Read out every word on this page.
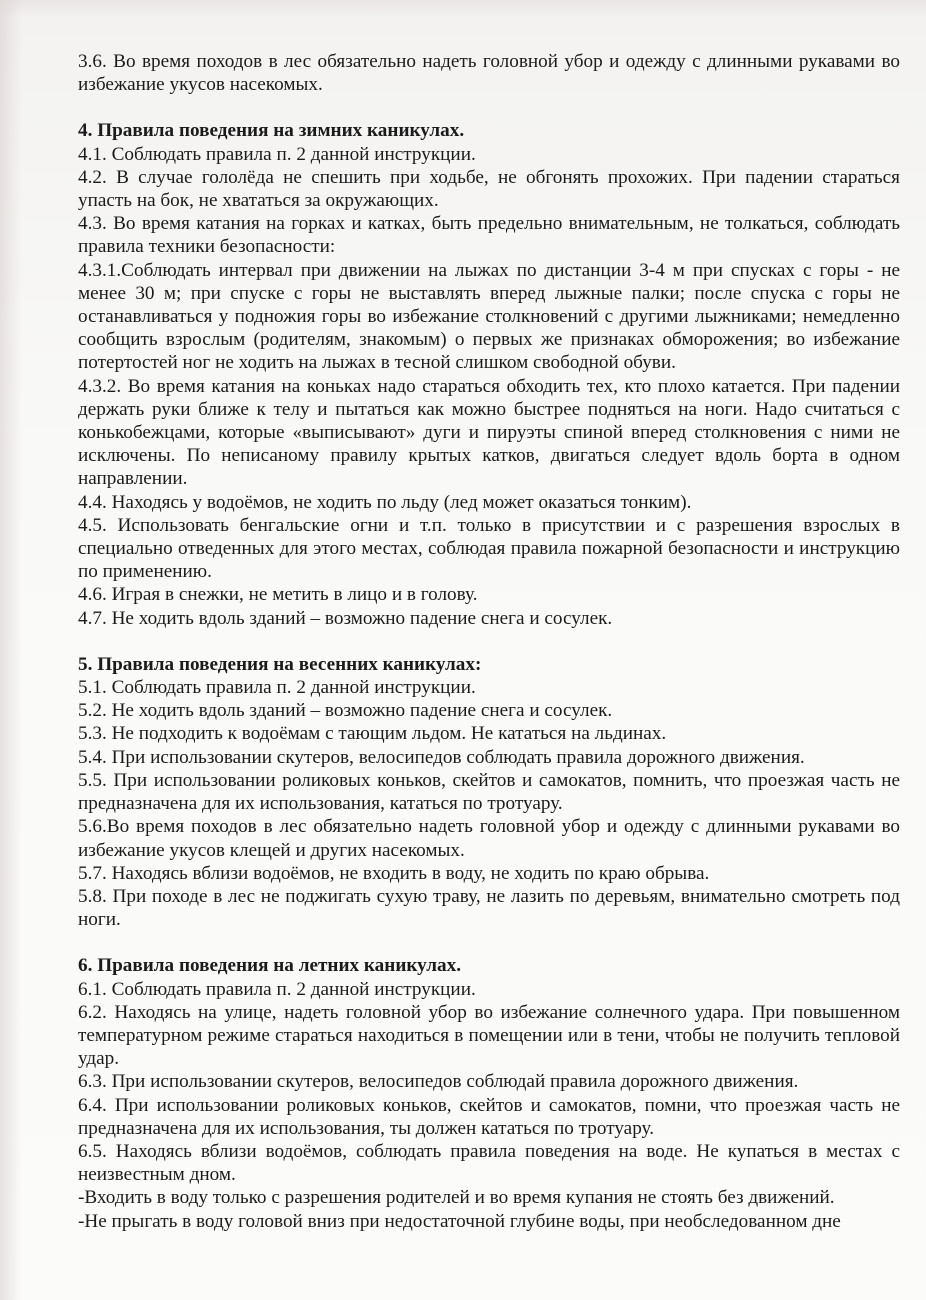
3.6. Во время походов в лес обязательно надеть головной убор и одежду с длинными рукавами во избежание укусов насекомых.

4. Правила поведения на зимних каникулах.

4.1. Соблюдать правила п. 2 данной инструкции.

4.2. В случае гололёда не спешить при ходьбе, не обгонять прохожих. При падении стараться упасть на бок, не хвататься за окружающих.

4.3. Во время катания на горках и катках, быть предельно внимательным, не толкаться, соблюдать правила техники безопасности:

4.3.1.Соблюдать интервал при движении на лыжах по дистанции 3-4 м при спусках с горы - не менее 30 м; при спуске с горы не выставлять вперед лыжные палки; после спуска с горы не останавливаться у подножия горы во избежание столкновений с другими лыжниками; немедленно сообщить взрослым (родителям, знакомым) о первых же признаках обморожения; во избежание потертостей ног не ходить на лыжах в тесной слишком свободной обуви.

4.3.2. Во время катания на коньках надо стараться обходить тех, кто плохо катается. При падении держать руки ближе к телу и пытаться как можно быстрее подняться на ноги. Надо считаться с конькобежцами, которые «выписывают» дуги и пируэты спиной вперед столкновения с ними не исключены. По неписаному правилу крытых катков, двигаться следует вдоль борта в одном направлении.

4.4. Находясь у водоёмов, не ходить по льду (лед может оказаться тонким).

4.5. Использовать бенгальские огни и т.п. только в присутствии и с разрешения взрослых в специально отведенных для этого местах, соблюдая правила пожарной безопасности и инструкцию по применению.

4.6. Играя в снежки, не метить в лицо и в голову.

4.7. Не ходить вдоль зданий – возможно падение снега и сосулек.

5. Правила поведения на весенних каникулах:

5.1. Соблюдать правила п. 2 данной инструкции.

5.2. Не ходить вдоль зданий – возможно падение снега и сосулек.

5.3. Не подходить к водоёмам с тающим льдом. Не кататься на льдинах.

5.4. При использовании скутеров, велосипедов соблюдать правила дорожного движения.

5.5. При использовании роликовых коньков, скейтов и самокатов, помнить, что проезжая часть не предназначена для их использования, кататься по тротуару.

5.6.Во время походов в лес обязательно надеть головной убор и одежду с длинными рукавами во избежание укусов клещей и других насекомых.

5.7. Находясь вблизи водоёмов, не входить в воду, не ходить по краю обрыва.

5.8. При походе в лес не поджигать сухую траву, не лазить по деревьям, внимательно смотреть под ноги.

6. Правила поведения на летних каникулах.

6.1. Соблюдать правила п. 2 данной инструкции.

6.2. Находясь на улице, надеть головной убор во избежание солнечного удара. При повышенном температурном режиме стараться находиться в помещении или в тени, чтобы не получить тепловой удар.

6.3. При использовании скутеров, велосипедов соблюдай правила дорожного движения.

6.4. При использовании роликовых коньков, скейтов и самокатов, помни, что проезжая часть не предназначена для их использования, ты должен кататься по тротуару.

6.5. Находясь вблизи водоёмов, соблюдать правила поведения на воде. Не купаться в местах с неизвестным дном.

-Входить в воду только с разрешения родителей и во время купания не стоять без движений.

-Не прыгать в воду головой вниз при недостаточной глубине воды, при необследованном дне
